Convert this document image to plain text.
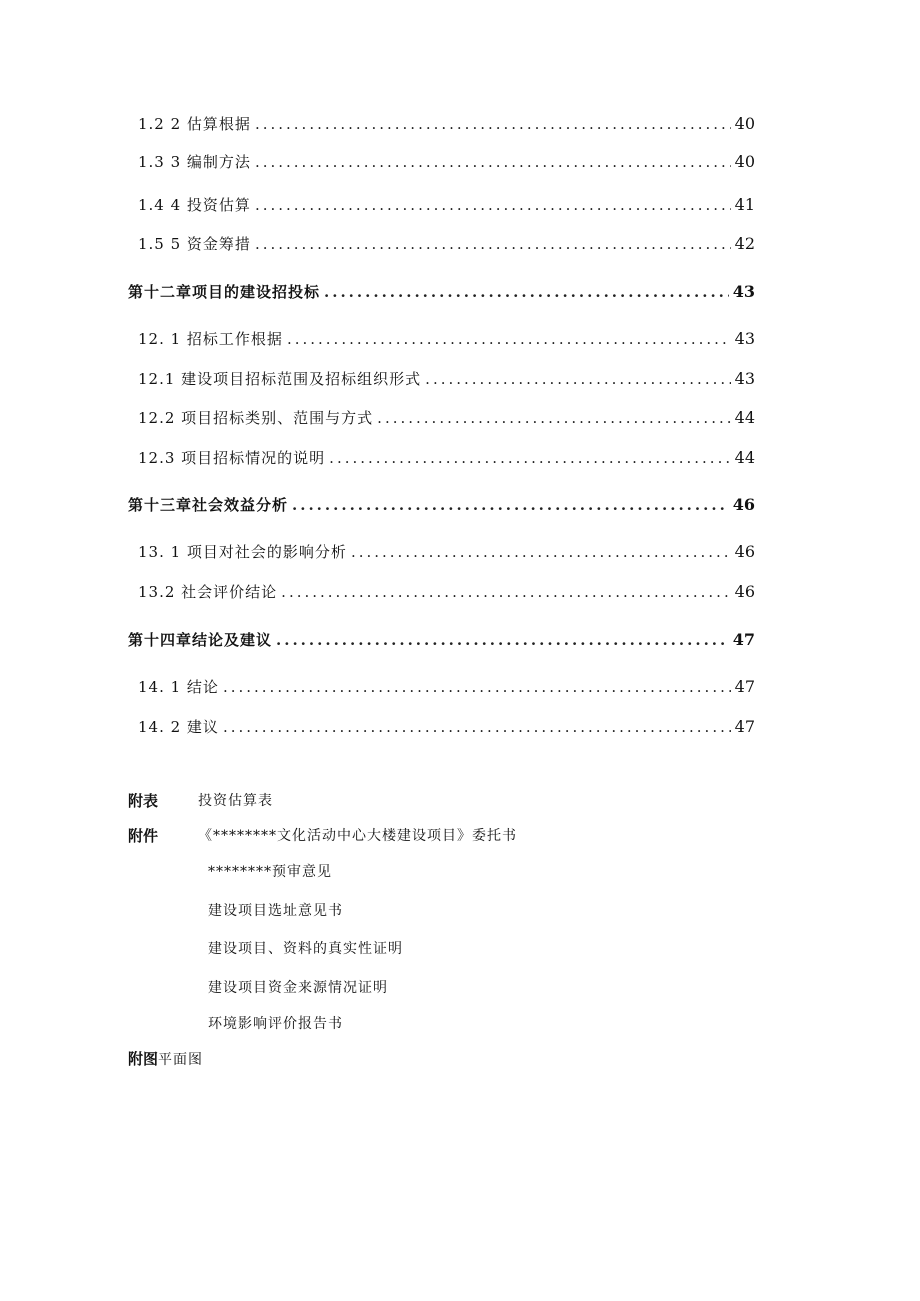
1.2 2 估算根据 .....	40
1.3 3 编制方法 .....	40
1.4 4 投资估算 .....	41
1.5 5 资金筹措 .....	42
第十二章项目的建设招投标 .....	43
12. 1 招标工作根据 .....	43
12.1 建设项目招标范围及招标组织形式 .....	43
12.2 项目招标类别、范围与方式 .....	44
12.3 项目招标情况的说明 .....	44
第十三章社会效益分析 .....	46
13. 1 项目对社会的影响分析 .....	46
13.2 社会评价结论 .....	46
第十四章结论及建议 .....	47
14. 1 结论 .....	47
14. 2 建议 .....	47
附表	投资估算表
附件	《********文化活动中心大楼建设项目》委托书
********预审意见
建设项目选址意见书
建设项目、资料的真实性证明
建设项目资金来源情况证明
环境影响评价报告书
附图平面图
